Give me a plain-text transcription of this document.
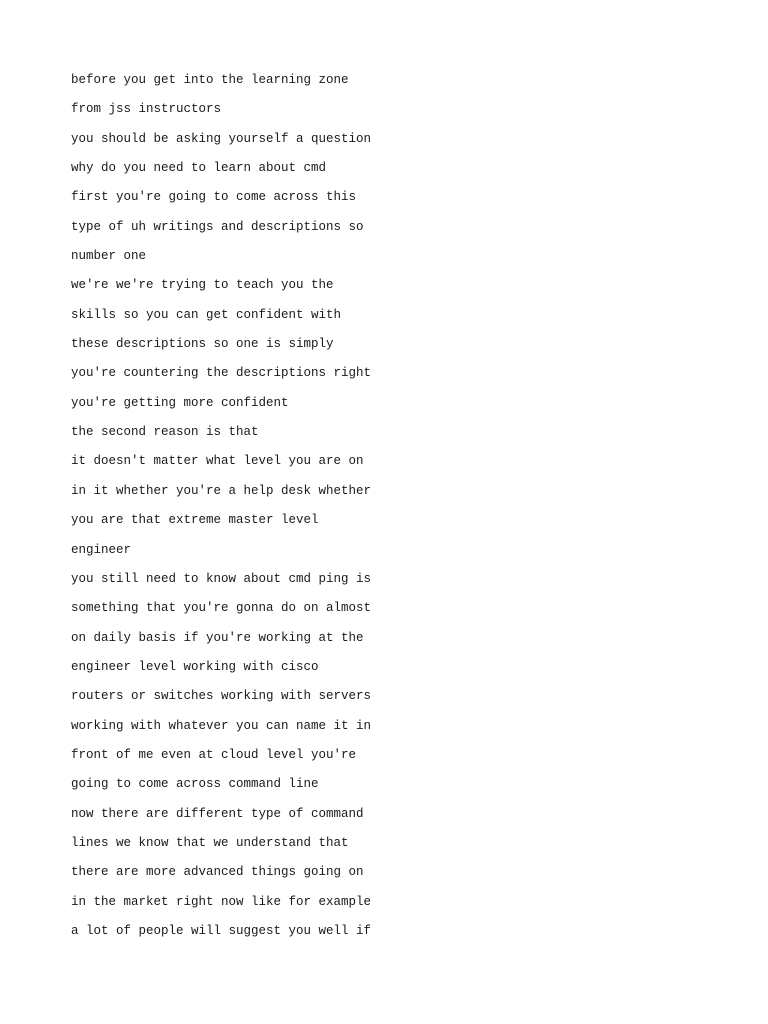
before you get into the learning zone
from jss instructors
you should be asking yourself a question
why do you need to learn about cmd
first you're going to come across this
type of uh writings and descriptions so
number one
we're we're trying to teach you the
skills so you can get confident with
these descriptions so one is simply
you're countering the descriptions right
you're getting more confident
the second reason is that
it doesn't matter what level you are on
in it whether you're a help desk whether
you are that extreme master level
engineer
you still need to know about cmd ping is
something that you're gonna do on almost
on daily basis if you're working at the
engineer level working with cisco
routers or switches working with servers
working with whatever you can name it in
front of me even at cloud level you're
going to come across command line
now there are different type of command
lines we know that we understand that
there are more advanced things going on
in the market right now like for example
a lot of people will suggest you well if
